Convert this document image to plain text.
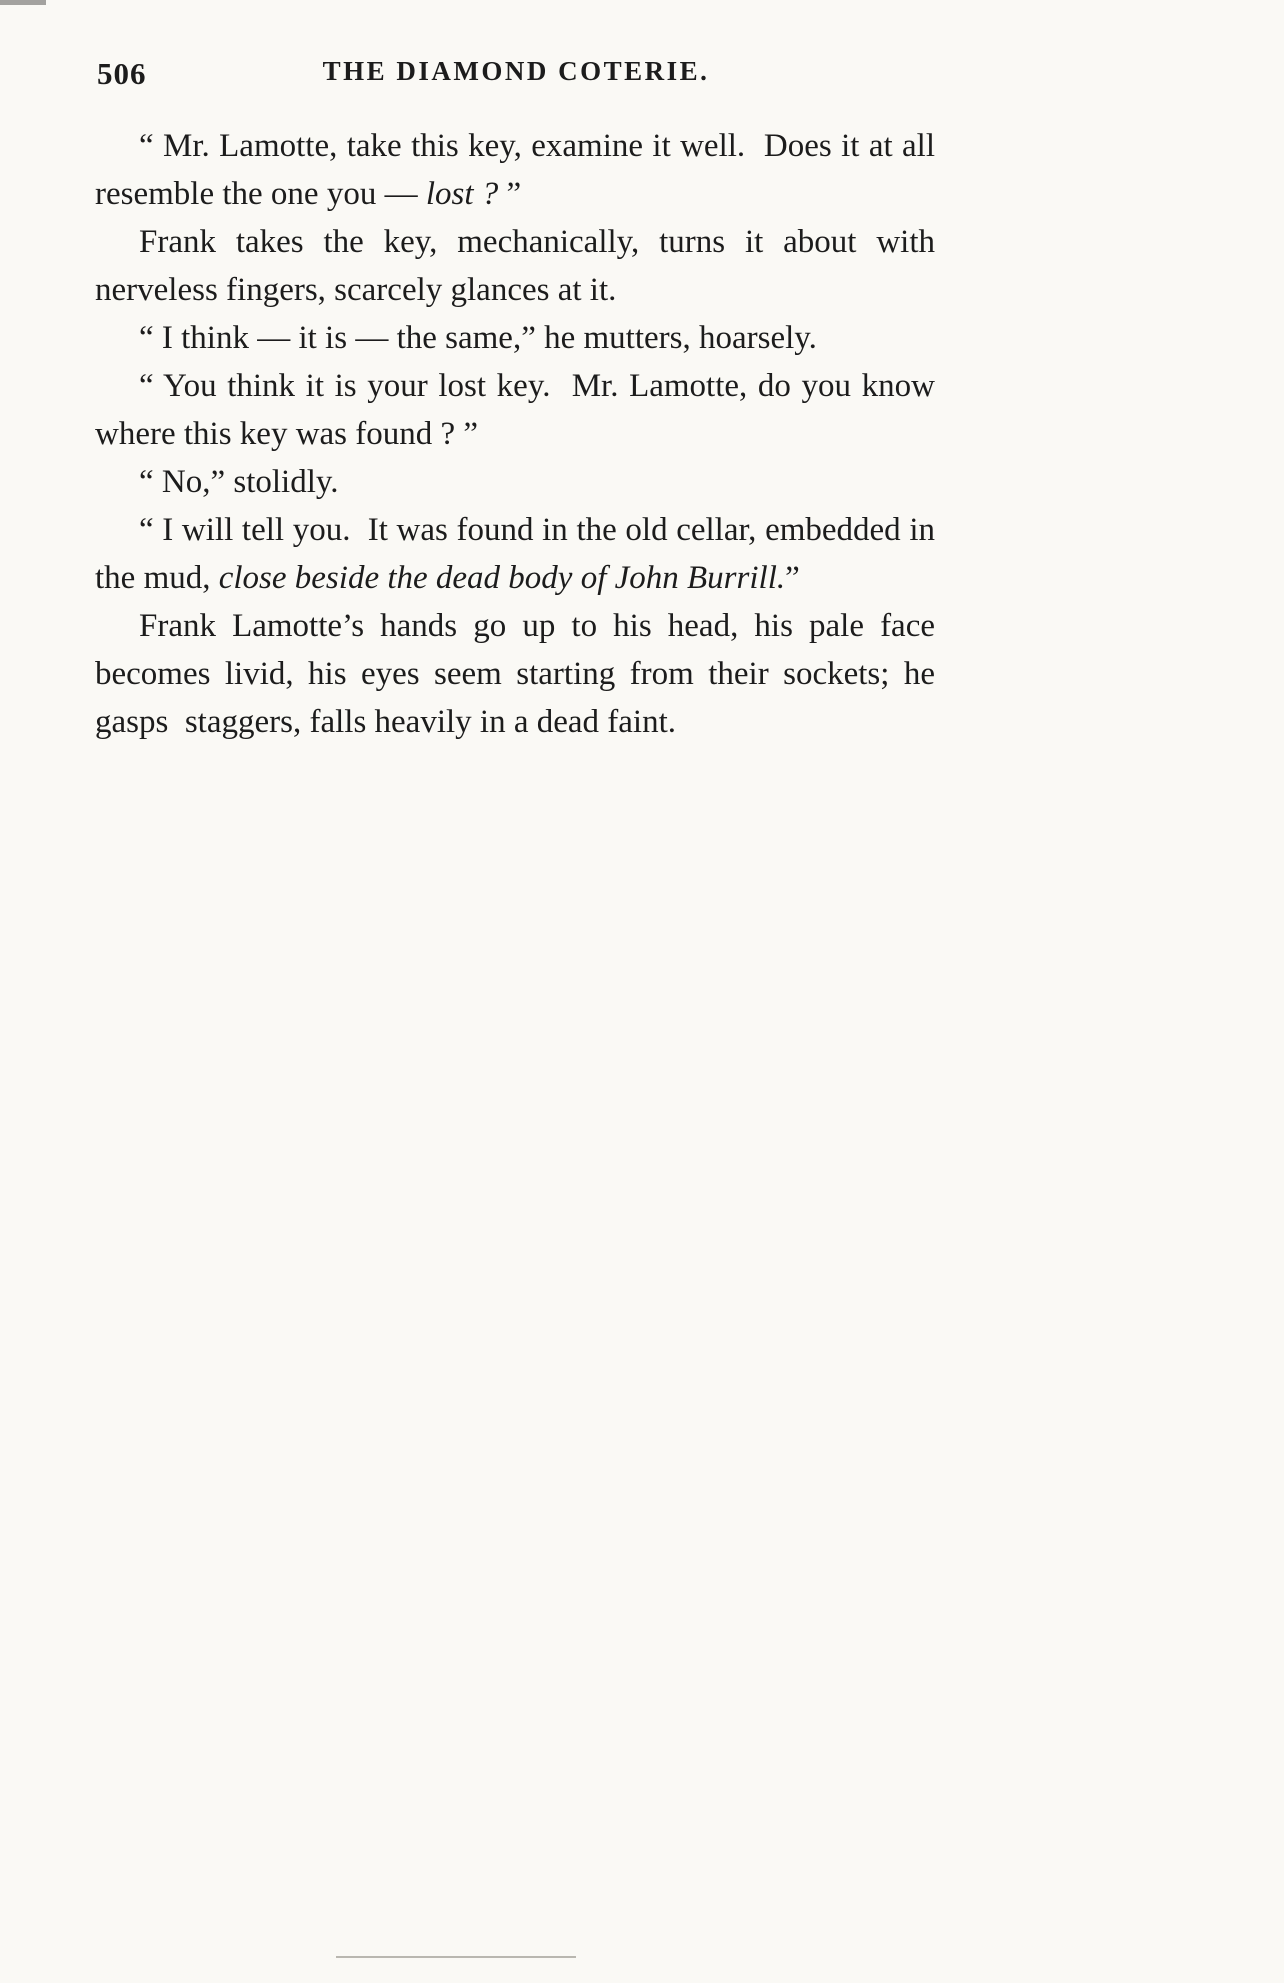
506	THE DIAMOND COTERIE.

“ Mr. Lamotte, take this key, examine it well.  Does it at all resemble the one you — lost ? ”

Frank takes the key, mechanically, turns it about with nerveless fingers, scarcely glances at it.

“ I think — it is — the same,” he mutters, hoarsely.

“ You think it is your lost key.  Mr. Lamotte, do you know where this key was found ? ”

“ No,” stolidly.

“ I will tell you.  It was found in the old cellar, embedded in the mud, close beside the dead body of John Burrill.”

Frank Lamotte’s hands go up to his head, his pale face becomes livid, his eyes seem starting from their sockets; he gasps  staggers, falls heavily in a dead faint.
